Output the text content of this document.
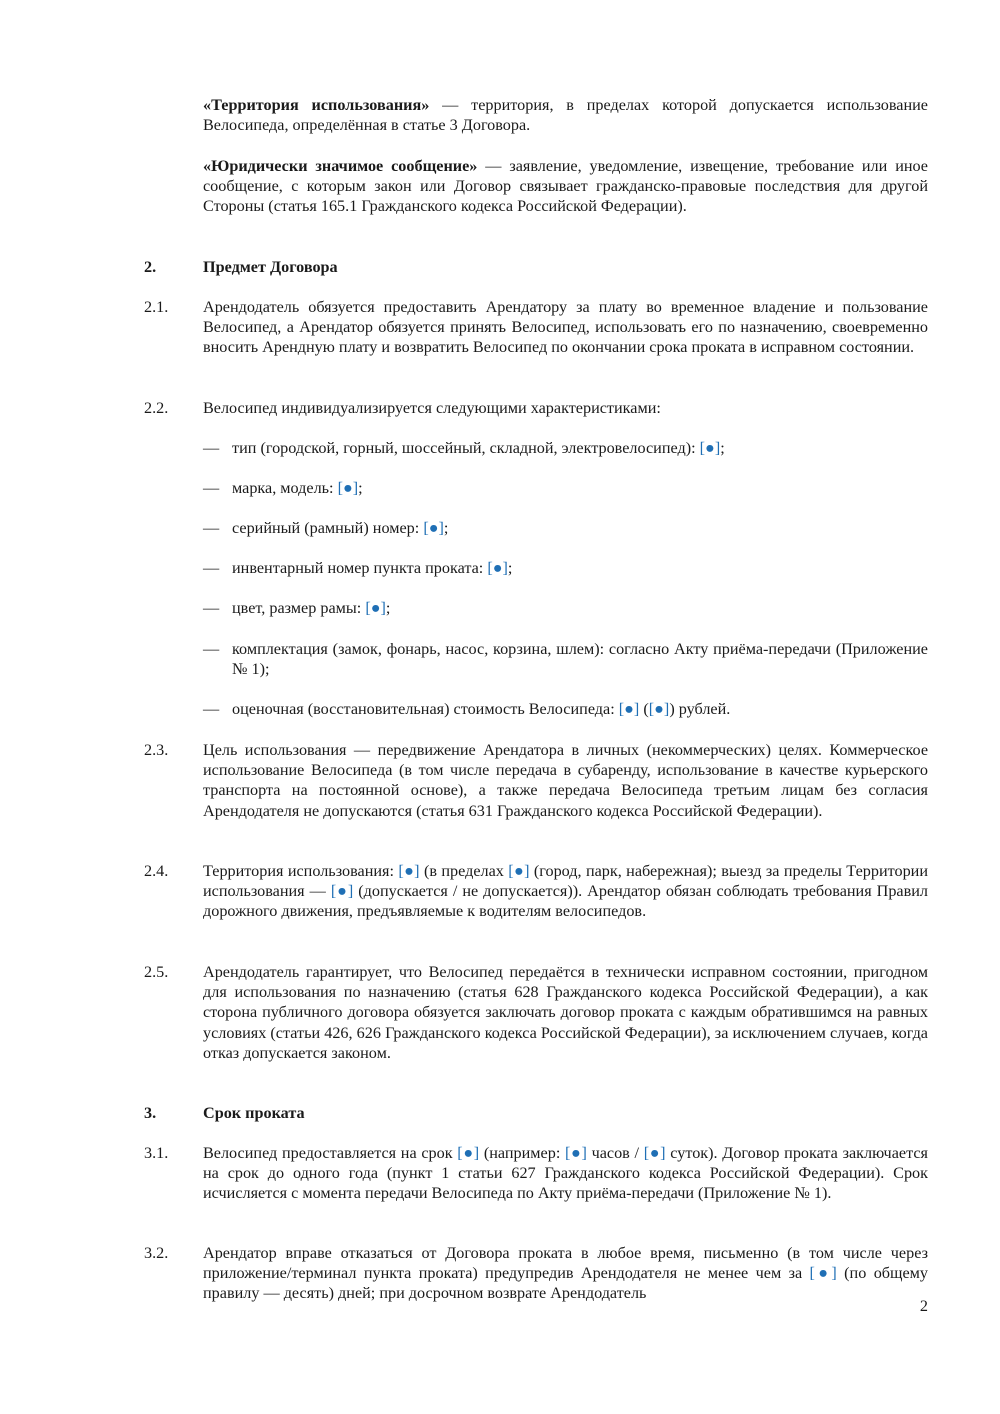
«Территория использования» — территория, в пределах которой допускается использование Велосипеда, определённая в статье 3 Договора.
«Юридически значимое сообщение» — заявление, уведомление, извещение, требование или иное сообщение, с которым закон или Договор связывает гражданско-правовые последствия для другой Стороны (статья 165.1 Гражданского кодекса Российской Федерации).
2.	Предмет Договора
2.1. Арендодатель обязуется предоставить Арендатору за плату во временное владение и пользование Велосипед, а Арендатор обязуется принять Велосипед, использовать его по назначению, своевременно вносить Арендную плату и возвратить Велосипед по окончании срока проката в исправном состоянии.
2.2. Велосипед индивидуализируется следующими характеристиками:
— тип (городской, горный, шоссейный, складной, электровелосипед): [●];
— марка, модель: [●];
— серийный (рамный) номер: [●];
— инвентарный номер пункта проката: [●];
— цвет, размер рамы: [●];
— комплектация (замок, фонарь, насос, корзина, шлем): согласно Акту приёма-передачи (Приложение № 1);
— оценочная (восстановительная) стоимость Велосипеда: [●] ([●]) рублей.
2.3. Цель использования — передвижение Арендатора в личных (некоммерческих) целях. Коммерческое использование Велосипеда (в том числе передача в субаренду, использование в качестве курьерского транспорта на постоянной основе), а также передача Велосипеда третьим лицам без согласия Арендодателя не допускаются (статья 631 Гражданского кодекса Российской Федерации).
2.4. Территория использования: [●] (в пределах [●] (город, парк, набережная); выезд за пределы Территории использования — [●] (допускается / не допускается)). Арендатор обязан соблюдать требования Правил дорожного движения, предъявляемые к водителям велосипедов.
2.5. Арендодатель гарантирует, что Велосипед передаётся в технически исправном состоянии, пригодном для использования по назначению (статья 628 Гражданского кодекса Российской Федерации), а как сторона публичного договора обязуется заключать договор проката с каждым обратившимся на равных условиях (статьи 426, 626 Гражданского кодекса Российской Федерации), за исключением случаев, когда отказ допускается законом.
3.	Срок проката
3.1. Велосипед предоставляется на срок [●] (например: [●] часов / [●] суток). Договор проката заключается на срок до одного года (пункт 1 статьи 627 Гражданского кодекса Российской Федерации). Срок исчисляется с момента передачи Велосипеда по Акту приёма-передачи (Приложение № 1).
3.2. Арендатор вправе отказаться от Договора проката в любое время, письменно (в том числе через приложение/терминал пункта проката) предупредив Арендодателя не менее чем за [●] (по общему правилу — десять) дней; при досрочном возврате Арендодатель
2
